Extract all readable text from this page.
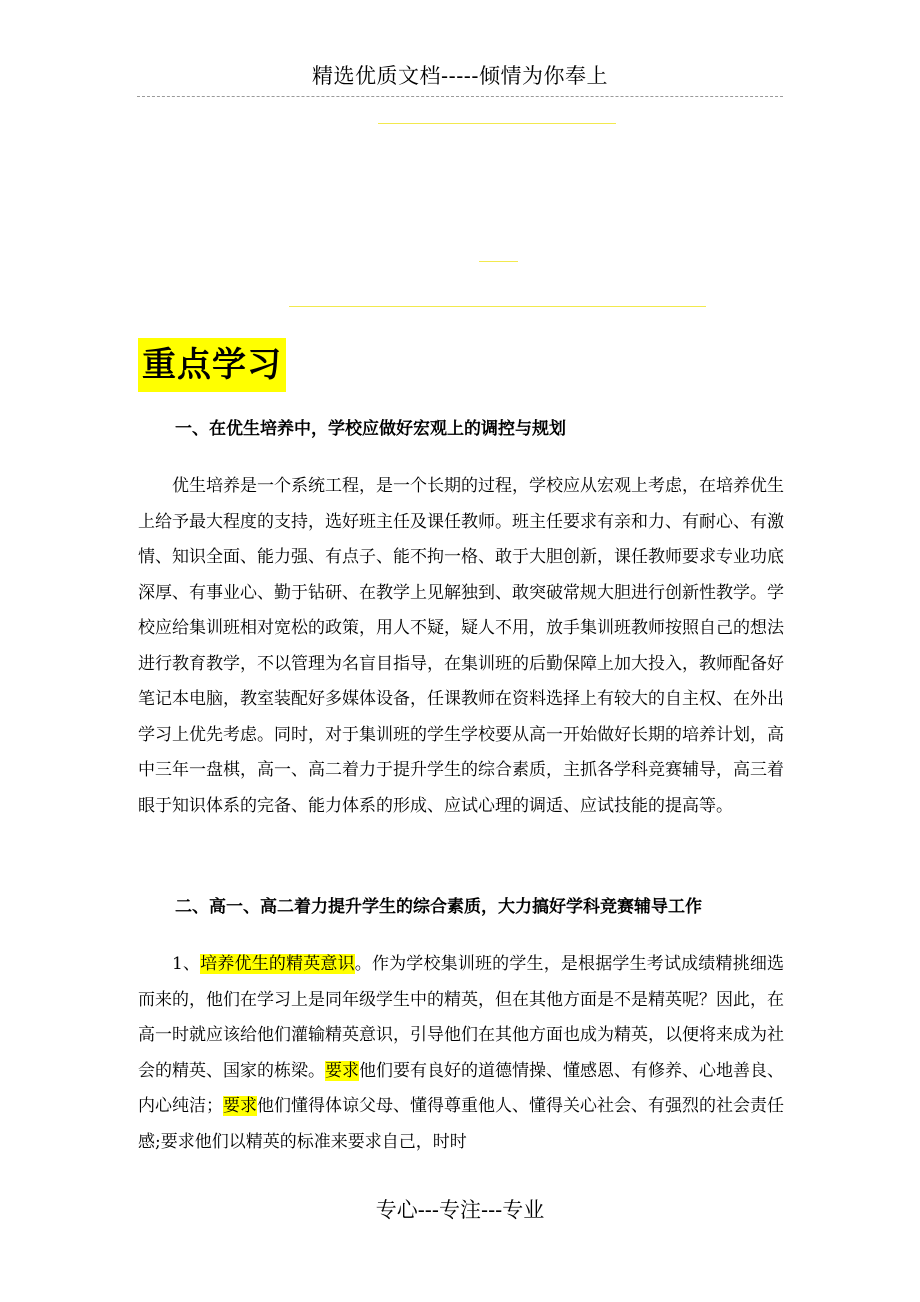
精选优质文档-----倾情为你奉上
重点学习
一、在优生培养中，学校应做好宏观上的调控与规划

优生培养是一个系统工程，是一个长期的过程，学校应从宏观上考虑，在培养优生上给予最大程度的支持，选好班主任及课任教师。班主任要求有亲和力、有耐心、有激情、知识全面、能力强、有点子、能不拘一格、敢于大胆创新，课任教师要求专业功底深厚、有事业心、勤于钻研、在教学上见解独到、敢突破常规大胆进行创新性教学。学校应给集训班相对宽松的政策，用人不疑，疑人不用，放手集训班教师按照自己的想法进行教育教学，不以管理为名盲目指导，在集训班的后勤保障上加大投入，教师配备好笔记本电脑，教室装配好多媒体设备，任课教师在资料选择上有较大的自主权、在外出学习上优先考虑。同时，对于集训班的学生学校要从高一开始做好长期的培养计划，高中三年一盘棋，高一、高二着力于提升学生的综合素质，主抓各学科竞赛辅导，高三着眼于知识体系的完备、能力体系的形成、应试心理的调适、应试技能的提高等。

二、高一、高二着力提升学生的综合素质，大力搞好学科竞赛辅导工作

1、培养优生的精英意识。作为学校集训班的学生，是根据学生考试成绩精挑细选而来的，他们在学习上是同年级学生中的精英，但在其他方面是不是精英呢？因此，在高一时就应该给他们灌输精英意识，引导他们在其他方面也成为精英，以便将来成为社会的精英、国家的栋梁。要求他们要有良好的道德情操、懂感恩、有修养、心地善良、内心纯洁；要求他们懂得体谅父母、懂得尊重他人、懂得关心社会、有强烈的社会责任感;要求他们以精英的标准来要求自己，时时

专心---专注---专业
